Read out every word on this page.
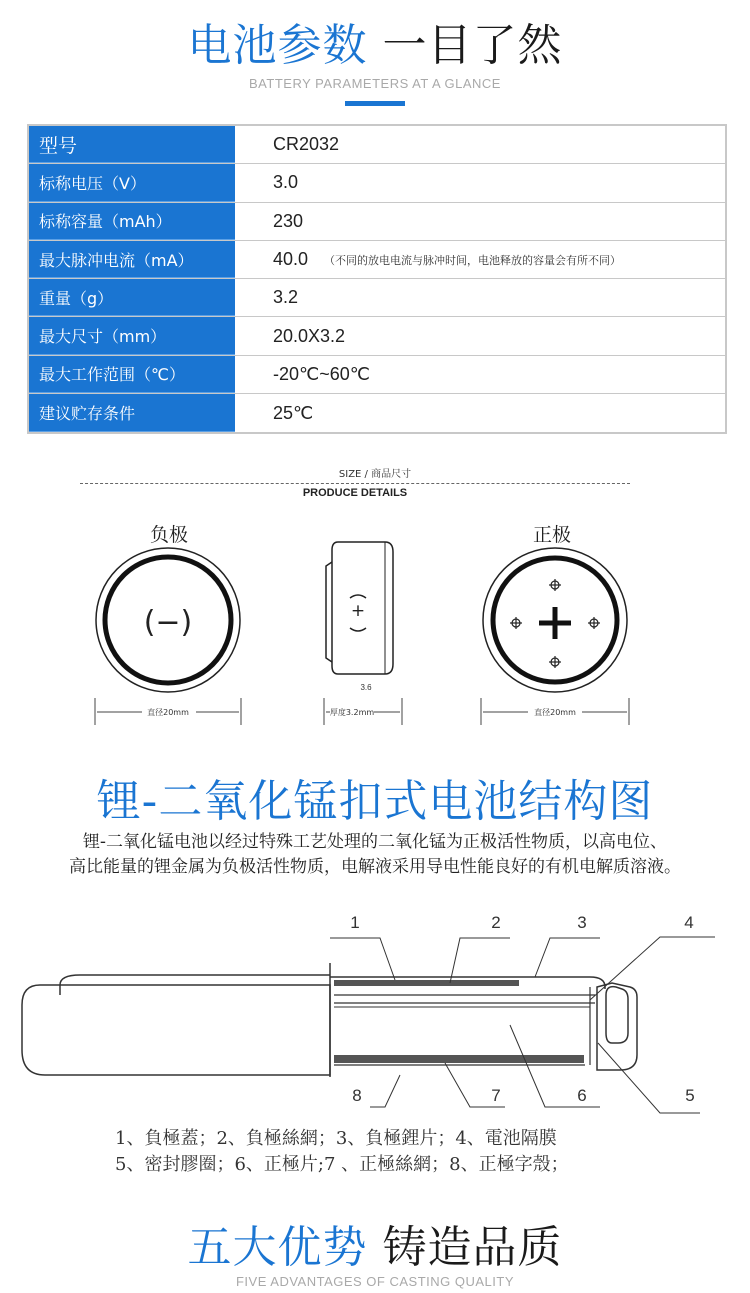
电池参数 一目了然
BATTERY PARAMETERS AT A GLANCE
型号	CR2032
标称电压（V）	3.0
标称容量（mAh）	230
最大脉冲电流（mA）	40.0 （不同的放电电流与脉冲时间，电池释放的容量会有所不同）
重量（g）	3.2
最大尺寸（mm）	20.0X3.2
最大工作范围（℃）	-20℃~60℃
建议贮存条件	25℃
SIZE / 商品尺寸
PRODUCE DETAILS
负极	正极
(−)	+
3.6
直径20mm	厚度3.2mm	直径20mm
锂-二氧化锰扣式电池结构图
锂-二氧化锰电池以经过特殊工艺处理的二氧化锰为正极活性物质，以高电位、
高比能量的锂金属为负极活性物质，电解液采用导电性能良好的有机电解质溶液。
1	2	3	4
5
6
7
8
1、負極蓋；2、負極絲網；3、負極鋰片；4、電池隔膜
5、密封膠圈；6、正極片;7 、正極絲網；8、正極字殼；
五大优势 铸造品质
FIVE ADVANTAGES OF CASTING QUALITY
